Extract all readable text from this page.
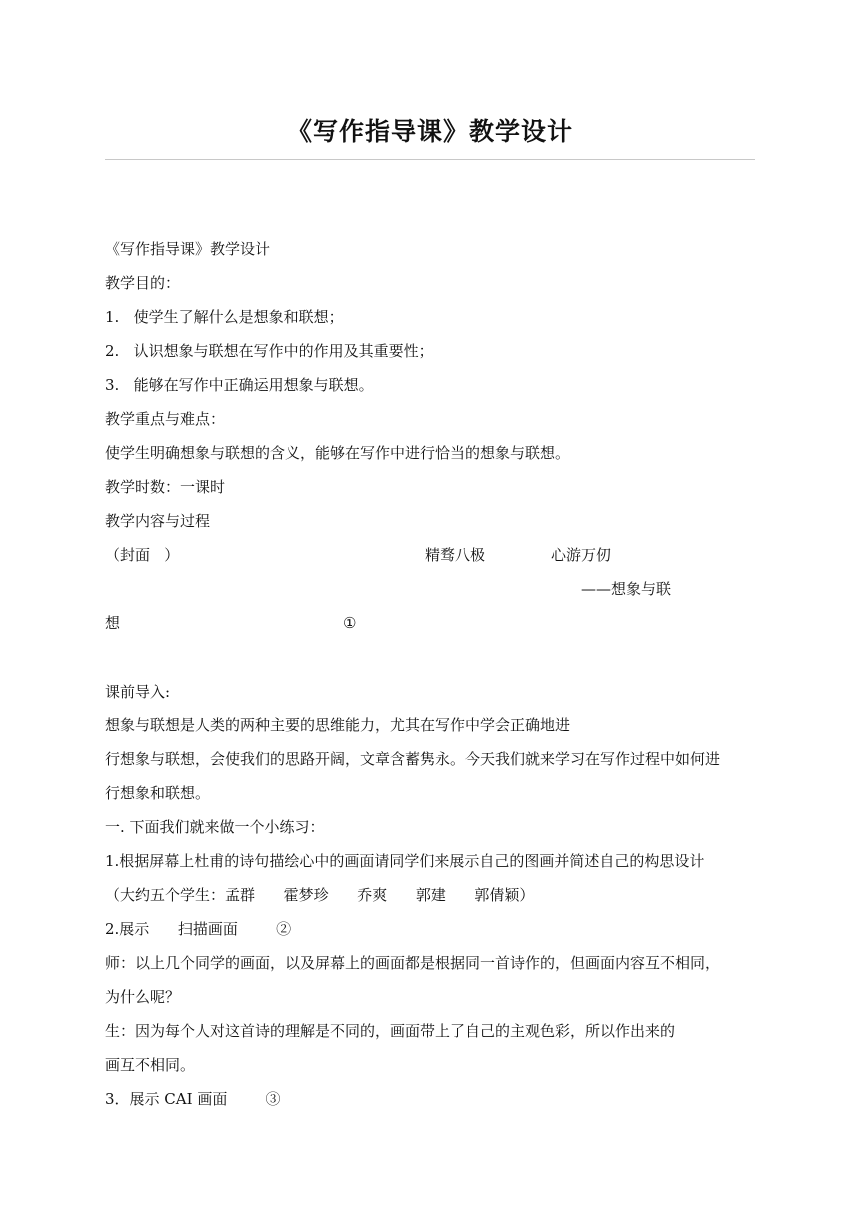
《写作指导课》教学设计
《写作指导课》教学设计
教学目的：
1.   使学生了解什么是想象和联想；
2.   认识想象与联想在写作中的作用及其重要性；
3.   能够在写作中正确运用想象与联想。
教学重点与难点：
使学生明确想象与联想的含义，能够在写作中进行恰当的想象与联想。
教学时数：一课时
教学内容与过程
（封面   ）	精骛八极	心游万仞
——想象与联
想	①
课前导入:
想象与联想是人类的两种主要的思维能力，尤其在写作中学会正确地进
行想象与联想，会使我们的思路开阔，文章含蓄隽永。今天我们就来学习在写作过程中如何进
行想象和联想。
一. 下面我们就来做一个小练习：
1.根据屏幕上杜甫的诗句描绘心中的画面请同学们来展示自己的图画并简述自己的构思设计
（大约五个学生：孟群      霍梦珍      乔爽      郭建      郭倩颖）
2.展示      扫描画面        ②
师：以上几个同学的画面，以及屏幕上的画面都是根据同一首诗作的，但画面内容互不相同，
为什么呢？
生：因为每个人对这首诗的理解是不同的，画面带上了自己的主观色彩，所以作出来的
画互不相同。
3．展示 CAI 画面        ③
